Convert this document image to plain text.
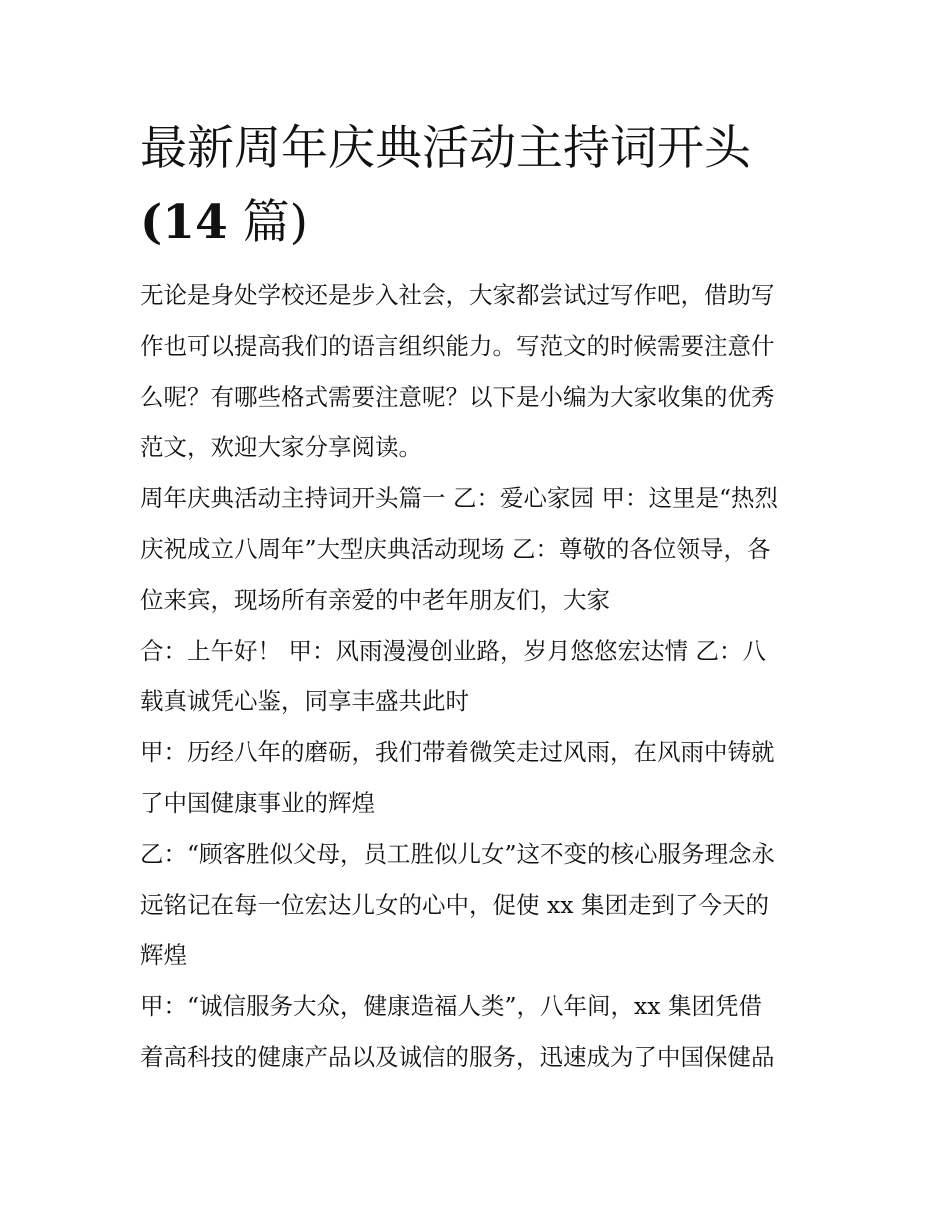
最新周年庆典活动主持词开头
(14 篇)
无论是身处学校还是步入社会，大家都尝试过写作吧，借助写
作也可以提高我们的语言组织能力。写范文的时候需要注意什
么呢？有哪些格式需要注意呢？以下是小编为大家收集的优秀
范文，欢迎大家分享阅读。
周年庆典活动主持词开头篇一 乙：爱心家园 甲：这里是“热烈
庆祝成立八周年”大型庆典活动现场 乙：尊敬的各位领导，各
位来宾，现场所有亲爱的中老年朋友们，大家
合：上午好！ 甲：风雨漫漫创业路，岁月悠悠宏达情 乙：八
载真诚凭心鉴，同享丰盛共此时
甲：历经八年的磨砺，我们带着微笑走过风雨，在风雨中铸就
了中国健康事业的辉煌
乙：“顾客胜似父母，员工胜似儿女”这不变的核心服务理念永
远铭记在每一位宏达儿女的心中，促使 xx 集团走到了今天的
辉煌
甲：“诚信服务大众，健康造福人类”，八年间，xx 集团凭借
着高科技的健康产品以及诚信的服务，迅速成为了中国保健品
